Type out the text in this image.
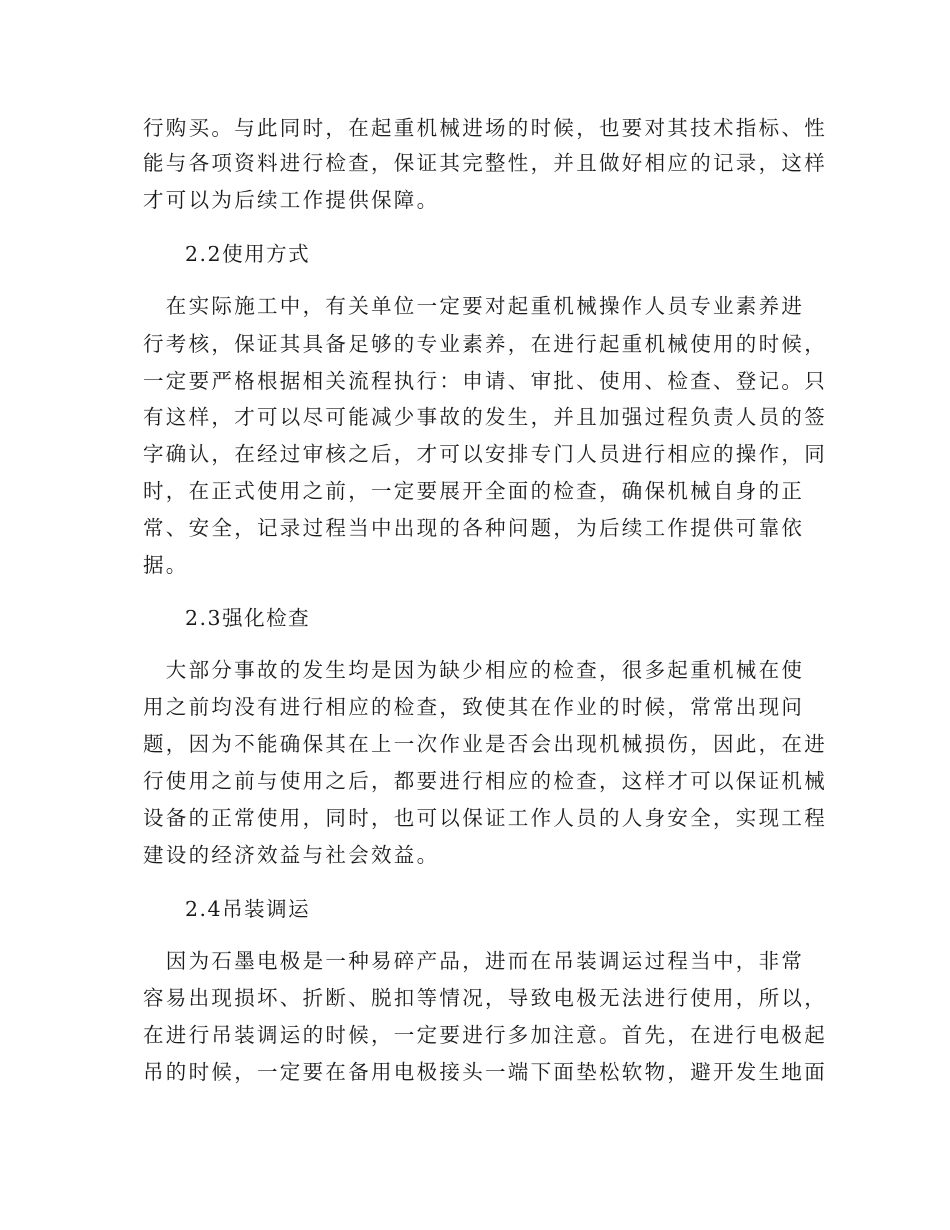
行购买。与此同时，在起重机械进场的时候，也要对其技术指标、性
能与各项资料进行检查，保证其完整性，并且做好相应的记录，这样
才可以为后续工作提供保障。
2.2使用方式
　在实际施工中，有关单位一定要对起重机械操作人员专业素养进
行考核，保证其具备足够的专业素养，在进行起重机械使用的时候，
一定要严格根据相关流程执行：申请、审批、使用、检查、登记。只
有这样，才可以尽可能减少事故的发生，并且加强过程负责人员的签
字确认，在经过审核之后，才可以安排专门人员进行相应的操作，同
时，在正式使用之前，一定要展开全面的检查，确保机械自身的正
常、安全，记录过程当中出现的各种问题，为后续工作提供可靠依
据。
2.3强化检查
　大部分事故的发生均是因为缺少相应的检查，很多起重机械在使
用之前均没有进行相应的检查，致使其在作业的时候，常常出现问
题，因为不能确保其在上一次作业是否会出现机械损伤，因此，在进
行使用之前与使用之后，都要进行相应的检查，这样才可以保证机械
设备的正常使用，同时，也可以保证工作人员的人身安全，实现工程
建设的经济效益与社会效益。
2.4吊装调运
　因为石墨电极是一种易碎产品，进而在吊装调运过程当中，非常
容易出现损坏、折断、脱扣等情况，导致电极无法进行使用，所以，
在进行吊装调运的时候，一定要进行多加注意。首先，在进行电极起
吊的时候，一定要在备用电极接头一端下面垫松软物，避开发生地面
